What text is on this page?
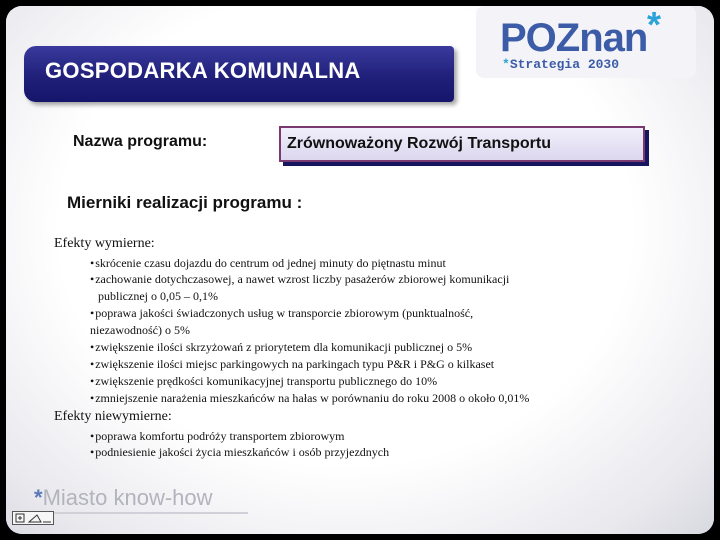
GOSPODARKA KOMUNALNA
POZnan *
*Strategia 2030
Nazwa programu:	Zrównoważony Rozwój Transportu
Mierniki realizacji programu :

Efekty wymierne:

•skrócenie czasu dojazdu do centrum od jednej minuty do piętnastu minut
•zachowanie dotychczasowej, a nawet wzrost liczby pasażerów zbiorowej komunikacji
publicznej o 0,05 – 0,1%
•poprawa jakości świadczonych usług w transporcie zbiorowym (punktualność,
niezawodność) o 5%
•zwiększenie ilości skrzyżowań z priorytetem dla komunikacji publicznej o 5%
•zwiększenie ilości miejsc parkingowych na parkingach typu P&R i P&G o kilkaset
•zwiększenie prędkości komunikacyjnej transportu publicznego do 10%
•zmniejszenie narażenia mieszkańców na hałas w porównaniu do roku 2008 o około 0,01%

Efekty niewymierne:

•poprawa komfortu podróży transportem zbiorowym
•podniesienie jakości życia mieszkańców i osób przyjezdnych
*Miasto know-how
